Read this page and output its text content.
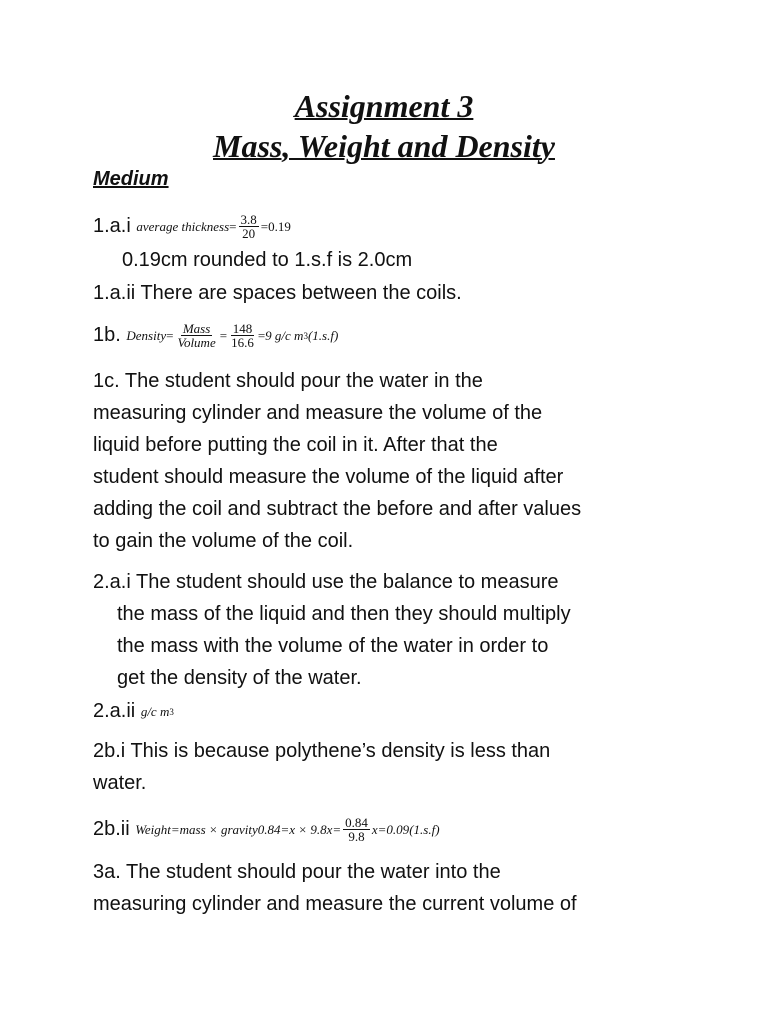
Assignment 3
Mass, Weight and Density
Medium
1.a.i average thickness = $\frac{3.8}{20} = 0.19$
0.19cm rounded to 1.s.f is 2.0cm
1.a.ii There are spaces between the coils.
1b. Density = $\frac{\text{Mass}}{\text{Volume}} = \frac{148}{16.6} = 9$ g/c m 3 (1.s.f)
1c. The student should pour the water in the
measuring cylinder and measure the volume of the
liquid before putting the coil in it. After that the
student should measure the volume of the liquid after
adding the coil and subtract the before and after values
to gain the volume of the coil.
2.a.i The student should use the balance to measure
the mass of the liquid and then they should multiply
the mass with the volume of the water in order to
get the density of the water.
2.a.ii g/c m 3
2b.i This is because polythene’s density is less than
water.
2b.ii Weight=mass × gravity0.84=x × $9.8x= \frac{0.84}{9.8} x=0.09$ (1.s.f)
3a. The student should pour the water into the
measuring cylinder and measure the current volume of
